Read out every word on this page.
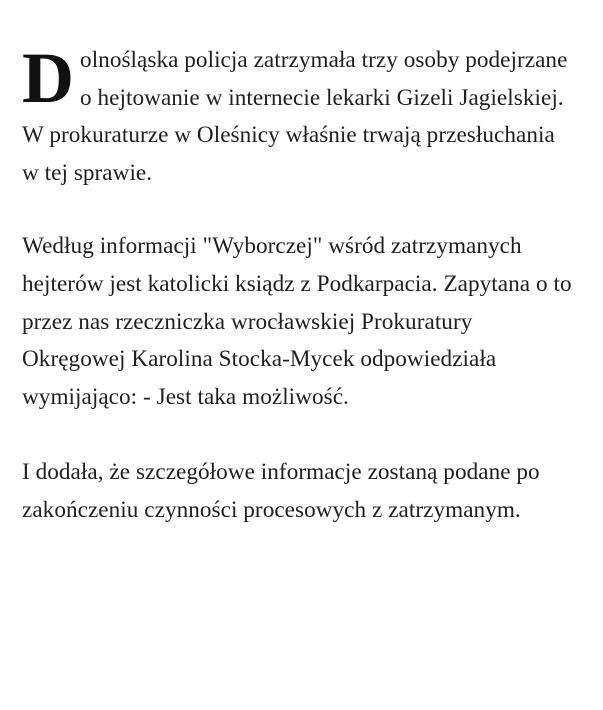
Dolnośląska policja zatrzymała trzy osoby podejrzane o hejtowanie w internecie lekarki Gizeli Jagielskiej. W prokuraturze w Oleśnicy właśnie trwają przesłuchania w tej sprawie.

Według informacji "Wyborczej" wśród zatrzymanych hejterów jest katolicki ksiądz z Podkarpacia. Zapytana o to przez nas rzeczniczka wrocławskiej Prokuratury Okręgowej Karolina Stocka-Mycek odpowiedziała wymijająco: - Jest taka możliwość.

I dodała, że szczegółowe informacje zostaną podane po zakończeniu czynności procesowych z zatrzymanym.
